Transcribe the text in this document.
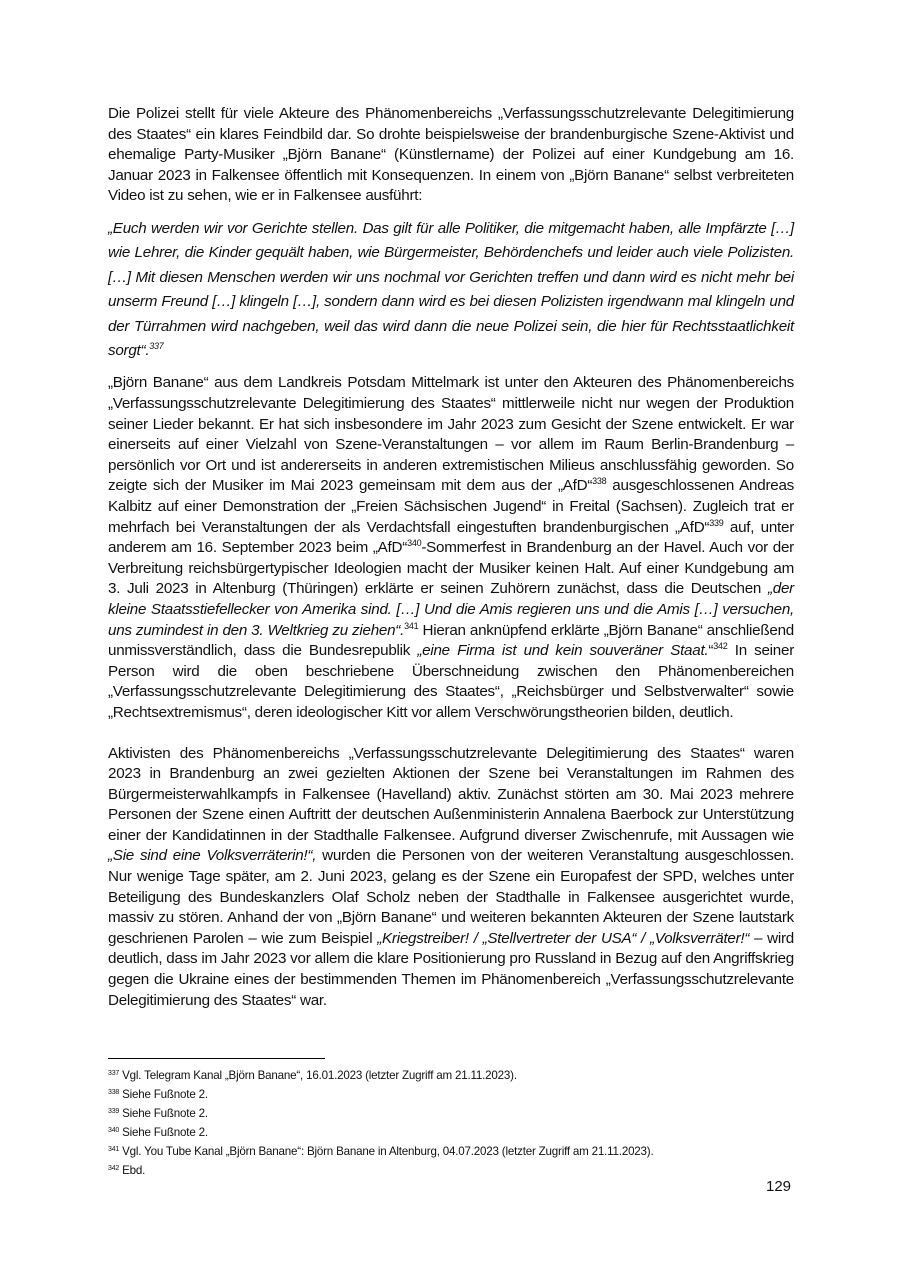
Die Polizei stellt für viele Akteure des Phänomenbereichs „Verfassungsschutzrelevante Delegitimierung des Staates“ ein klares Feindbild dar. So drohte beispielsweise der brandenburgische Szene-Aktivist und ehemalige Party-Musiker „Björn Banane“ (Künstlername) der Polizei auf einer Kundgebung am 16. Januar 2023 in Falkensee öffentlich mit Konsequenzen. In einem von „Björn Banane“ selbst verbreiteten Video ist zu sehen, wie er in Falkensee ausführt:

„Euch werden wir vor Gerichte stellen. Das gilt für alle Politiker, die mitgemacht haben, alle Impfärzte […] wie Lehrer, die Kinder gequält haben, wie Bürgermeister, Behördenchefs und leider auch viele Polizisten. […] Mit diesen Menschen werden wir uns nochmal vor Gerichten treffen und dann wird es nicht mehr bei unserm Freund […] klingeln […], sondern dann wird es bei diesen Polizisten irgendwann mal klingeln und der Türrahmen wird nachgeben, weil das wird dann die neue Polizei sein, die hier für Rechtsstaatlichkeit sorgt“.$^{337}$

„Björn Banane“ aus dem Landkreis Potsdam Mittelmark ist unter den Akteuren des Phänomenbereichs „Verfassungsschutzrelevante Delegitimierung des Staates“ mittlerweile nicht nur wegen der Produktion seiner Lieder bekannt. Er hat sich insbesondere im Jahr 2023 zum Gesicht der Szene entwickelt. Er war einerseits auf einer Vielzahl von Szene-Veranstaltungen – vor allem im Raum Berlin-Brandenburg – persönlich vor Ort und ist andererseits in anderen extremistischen Milieus anschlussfähig geworden. So zeigte sich der Musiker im Mai 2023 gemeinsam mit dem aus der „AfD“$^{338}$ ausgeschlossenen Andreas Kalbitz auf einer Demonstration der „Freien Sächsischen Jugend“ in Freital (Sachsen). Zugleich trat er mehrfach bei Veranstaltungen der als Verdachtsfall eingestuften brandenburgischen „AfD“$^{339}$ auf, unter anderem am 16. September 2023 beim „AfD“$^{340}$-Sommerfest in Brandenburg an der Havel. Auch vor der Verbreitung reichsbürgertypischer Ideologien macht der Musiker keinen Halt. Auf einer Kundgebung am 3. Juli 2023 in Altenburg (Thüringen) erklärte er seinen Zuhörern zunächst, dass die Deutschen „der kleine Staatsstiefellecker von Amerika sind. […] Und die Amis regieren uns und die Amis […] versuchen, uns zumindest in den 3. Weltkrieg zu ziehen“.$^{341}$ Hieran anknüpfend erklärte „Björn Banane“ anschließend unmissverständlich, dass die Bundesrepublik „eine Firma ist und kein souveräner Staat.“$^{342}$ In seiner Person wird die oben beschriebene Überschneidung zwischen den Phänomenbereichen „Verfassungsschutzrelevante Delegitimierung des Staates“, „Reichsbürger und Selbstverwalter“ sowie „Rechtsextremismus“, deren ideologischer Kitt vor allem Verschwörungstheorien bilden, deutlich.

Aktivisten des Phänomenbereichs „Verfassungsschutzrelevante Delegitimierung des Staates“ waren 2023 in Brandenburg an zwei gezielten Aktionen der Szene bei Veranstaltungen im Rahmen des Bürgermeisterwahlkampfs in Falkensee (Havelland) aktiv. Zunächst störten am 30. Mai 2023 mehrere Personen der Szene einen Auftritt der deutschen Außenministerin Annalena Baerbock zur Unterstützung einer der Kandidatinnen in der Stadthalle Falkensee. Aufgrund diverser Zwischenrufe, mit Aussagen wie „Sie sind eine Volksverräterin!“, wurden die Personen von der weiteren Veranstaltung ausgeschlossen. Nur wenige Tage später, am 2. Juni 2023, gelang es der Szene ein Europafest der SPD, welches unter Beteiligung des Bundeskanzlers Olaf Scholz neben der Stadthalle in Falkensee ausgerichtet wurde, massiv zu stören. Anhand der von „Björn Banane“ und weiteren bekannten Akteuren der Szene lautstark geschrienen Parolen – wie zum Beispiel „Kriegstreiber! / „Stellvertreter der USA“ / „Volksverräter!“ – wird deutlich, dass im Jahr 2023 vor allem die klare Positionierung pro Russland in Bezug auf den Angriffskrieg gegen die Ukraine eines der bestimmenden Themen im Phänomenbereich „Verfassungsschutzrelevante Delegitimierung des Staates“ war.

$^{337}$ Vgl. Telegram Kanal „Björn Banane“, 16.01.2023 (letzter Zugriff am 21.11.2023).
$^{338}$ Siehe Fußnote 2.
$^{339}$ Siehe Fußnote 2.
$^{340}$ Siehe Fußnote 2.
$^{341}$ Vgl. You Tube Kanal „Björn Banane“: Björn Banane in Altenburg, 04.07.2023 (letzter Zugriff am 21.11.2023).
$^{342}$ Ebd.
129
